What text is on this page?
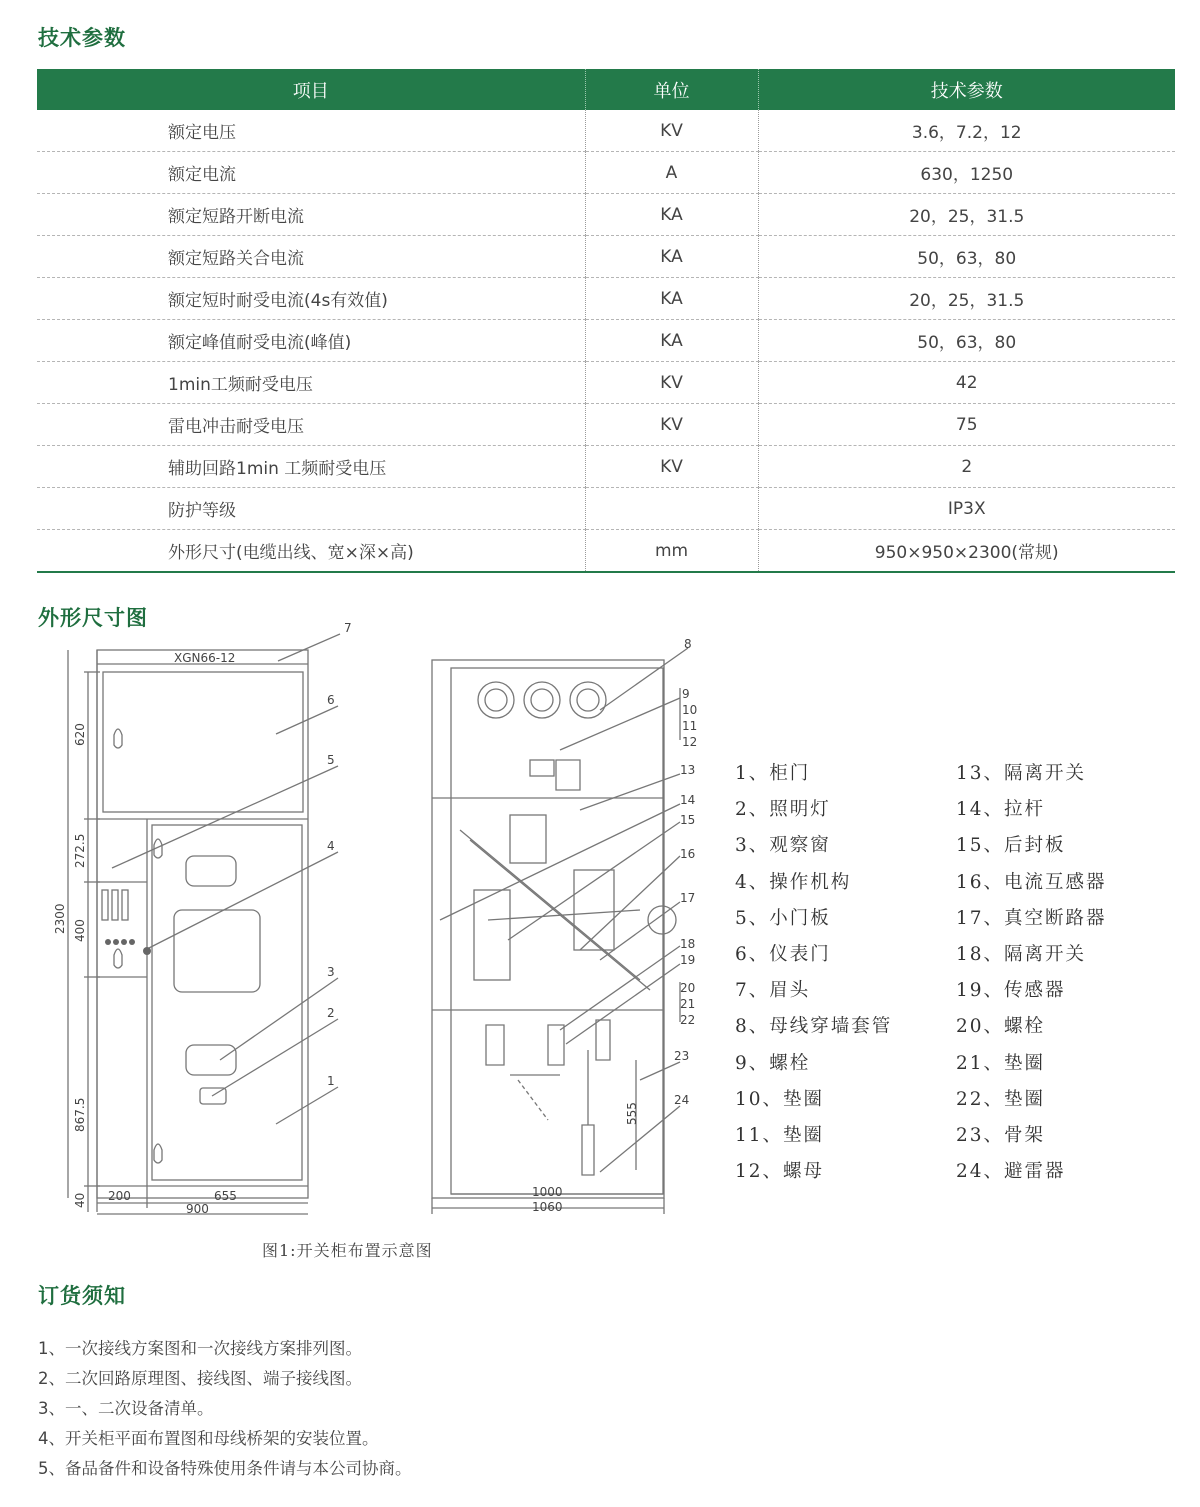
技术参数
项目	单位	技术参数
额定电压	KV	3.6，7.2，12
额定电流	A	630，1250
额定短路开断电流	KA	20，25，31.5
额定短路关合电流	KA	50，63，80
额定短时耐受电流(4s有效值)	KA	20，25，31.5
额定峰值耐受电流(峰值)	KA	50，63，80
1min工频耐受电压	KV	42
雷电冲击耐受电压	KV	75
辅助回路1min 工频耐受电压	KV	2
防护等级		IP3X
外形尺寸(电缆出线、宽×深×高)	mm	950×950×2300(常规)
外形尺寸图
XGN66-12
620
272.5
400
867.5
40
2300
200	655
900
1000
1060
555
7
6
5
4
3
2
1
8
9
10
11
12
13
14
15
16
17
18
19
20
21
22
23
24
1、柜门
2、照明灯
3、观察窗
4、操作机构
5、小门板
6、仪表门
7、眉头
8、母线穿墙套管
9、螺栓
10、垫圈
11、垫圈
12、螺母
13、隔离开关
14、拉杆
15、后封板
16、电流互感器
17、真空断路器
18、隔离开关
19、传感器
20、螺栓
21、垫圈
22、垫圈
23、骨架
24、避雷器
图1:开关柜布置示意图
订货须知
1、一次接线方案图和一次接线方案排列图。
2、二次回路原理图、接线图、端子接线图。
3、一、二次设备清单。
4、开关柜平面布置图和母线桥架的安装位置。
5、备品备件和设备特殊使用条件请与本公司协商。
